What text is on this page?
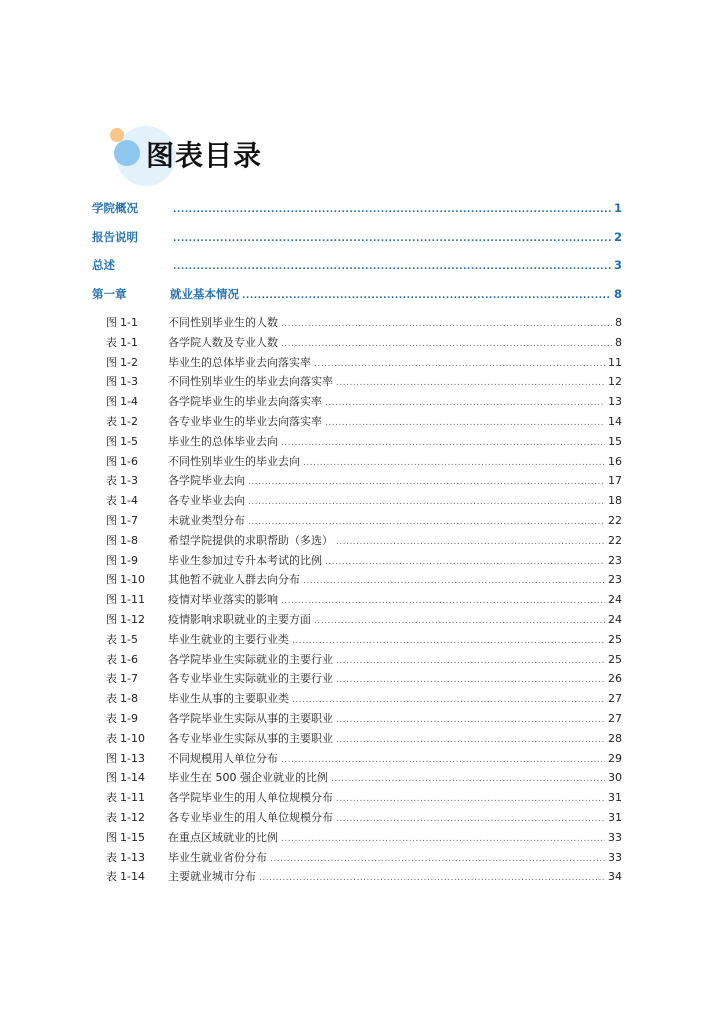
图表目录
学院概况 .....	1
报告说明 .....	2
总述 .....	3
第一章	就业基本情况 .....	8
图 1-1	不同性别毕业生的人数 .....	8
表 1-1	各学院人数及专业人数 .....	8
图 1-2	毕业生的总体毕业去向落实率 .....	11
图 1-3	不同性别毕业生的毕业去向落实率 .....	12
图 1-4	各学院毕业生的毕业去向落实率 .....	13
表 1-2	各专业毕业生的毕业去向落实率 .....	14
图 1-5	毕业生的总体毕业去向 .....	15
图 1-6	不同性别毕业生的毕业去向 .....	16
表 1-3	各学院毕业去向 .....	17
表 1-4	各专业毕业去向 .....	18
图 1-7	未就业类型分布 .....	22
图 1-8	希望学院提供的求职帮助（多选） .....	22
图 1-9	毕业生参加过专升本考试的比例 .....	23
图 1-10	其他暂不就业人群去向分布 .....	23
图 1-11	疫情对毕业落实的影响 .....	24
图 1-12	疫情影响求职就业的主要方面 .....	24
表 1-5	毕业生就业的主要行业类 .....	25
表 1-6	各学院毕业生实际就业的主要行业 .....	25
表 1-7	各专业毕业生实际就业的主要行业 .....	26
表 1-8	毕业生从事的主要职业类 .....	27
表 1-9	各学院毕业生实际从事的主要职业 .....	27
表 1-10	各专业毕业生实际从事的主要职业 .....	28
图 1-13	不同规模用人单位分布 .....	29
图 1-14	毕业生在 500 强企业就业的比例 .....	30
表 1-11	各学院毕业生的用人单位规模分布 .....	31
表 1-12	各专业毕业生的用人单位规模分布 .....	31
图 1-15	在重点区域就业的比例 .....	33
表 1-13	毕业生就业省份分布 .....	33
表 1-14	主要就业城市分布 .....	34
